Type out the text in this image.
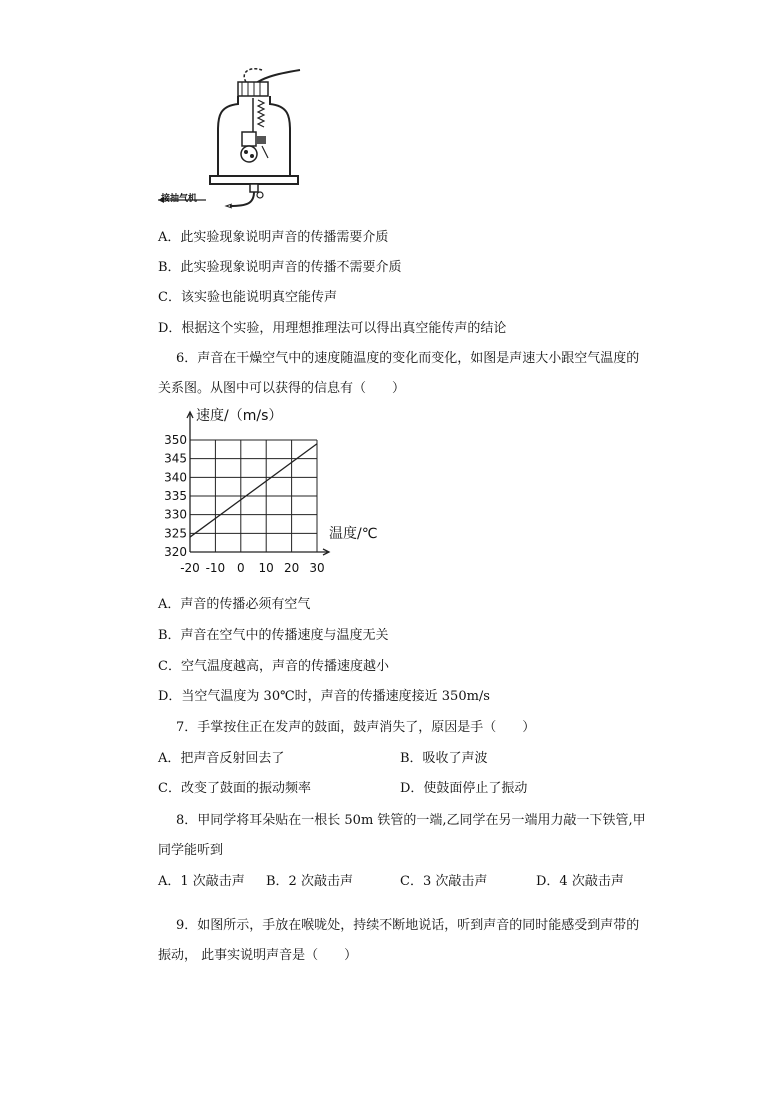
接抽气机
A．此实验现象说明声音的传播需要介质
B．此实验现象说明声音的传播不需要介质
C．该实验也能说明真空能传声
D．根据这个实验，用理想推理法可以得出真空能传声的结论
6．声音在干燥空气中的速度随温度的变化而变化，如图是声速大小跟空气温度的
关系图。从图中可以获得的信息有（　　）
320
325
330
335
340
345
350
-20 -10 0 10 20 30
速度/（m/s）
温度/℃
A．声音的传播必须有空气
B．声音在空气中的传播速度与温度无关
C．空气温度越高，声音的传播速度越小
D．当空气温度为 30℃时，声音的传播速度接近 350m/s
7．手掌按住正在发声的鼓面，鼓声消失了，原因是手（　　）
A．把声音反射回去了	B．吸收了声波
C．改变了鼓面的振动频率	D．使鼓面停止了振动
8．甲同学将耳朵贴在一根长 50m 铁管的一端,乙同学在另一端用力敲一下铁管,甲
同学能听到
A．1 次敲击声 B．2 次敲击声	C．3 次敲击声	D．4 次敲击声
9．如图所示，手放在喉咙处，持续不断地说话，听到声音的同时能感受到声带的
振动， 此事实说明声音是（　　）
